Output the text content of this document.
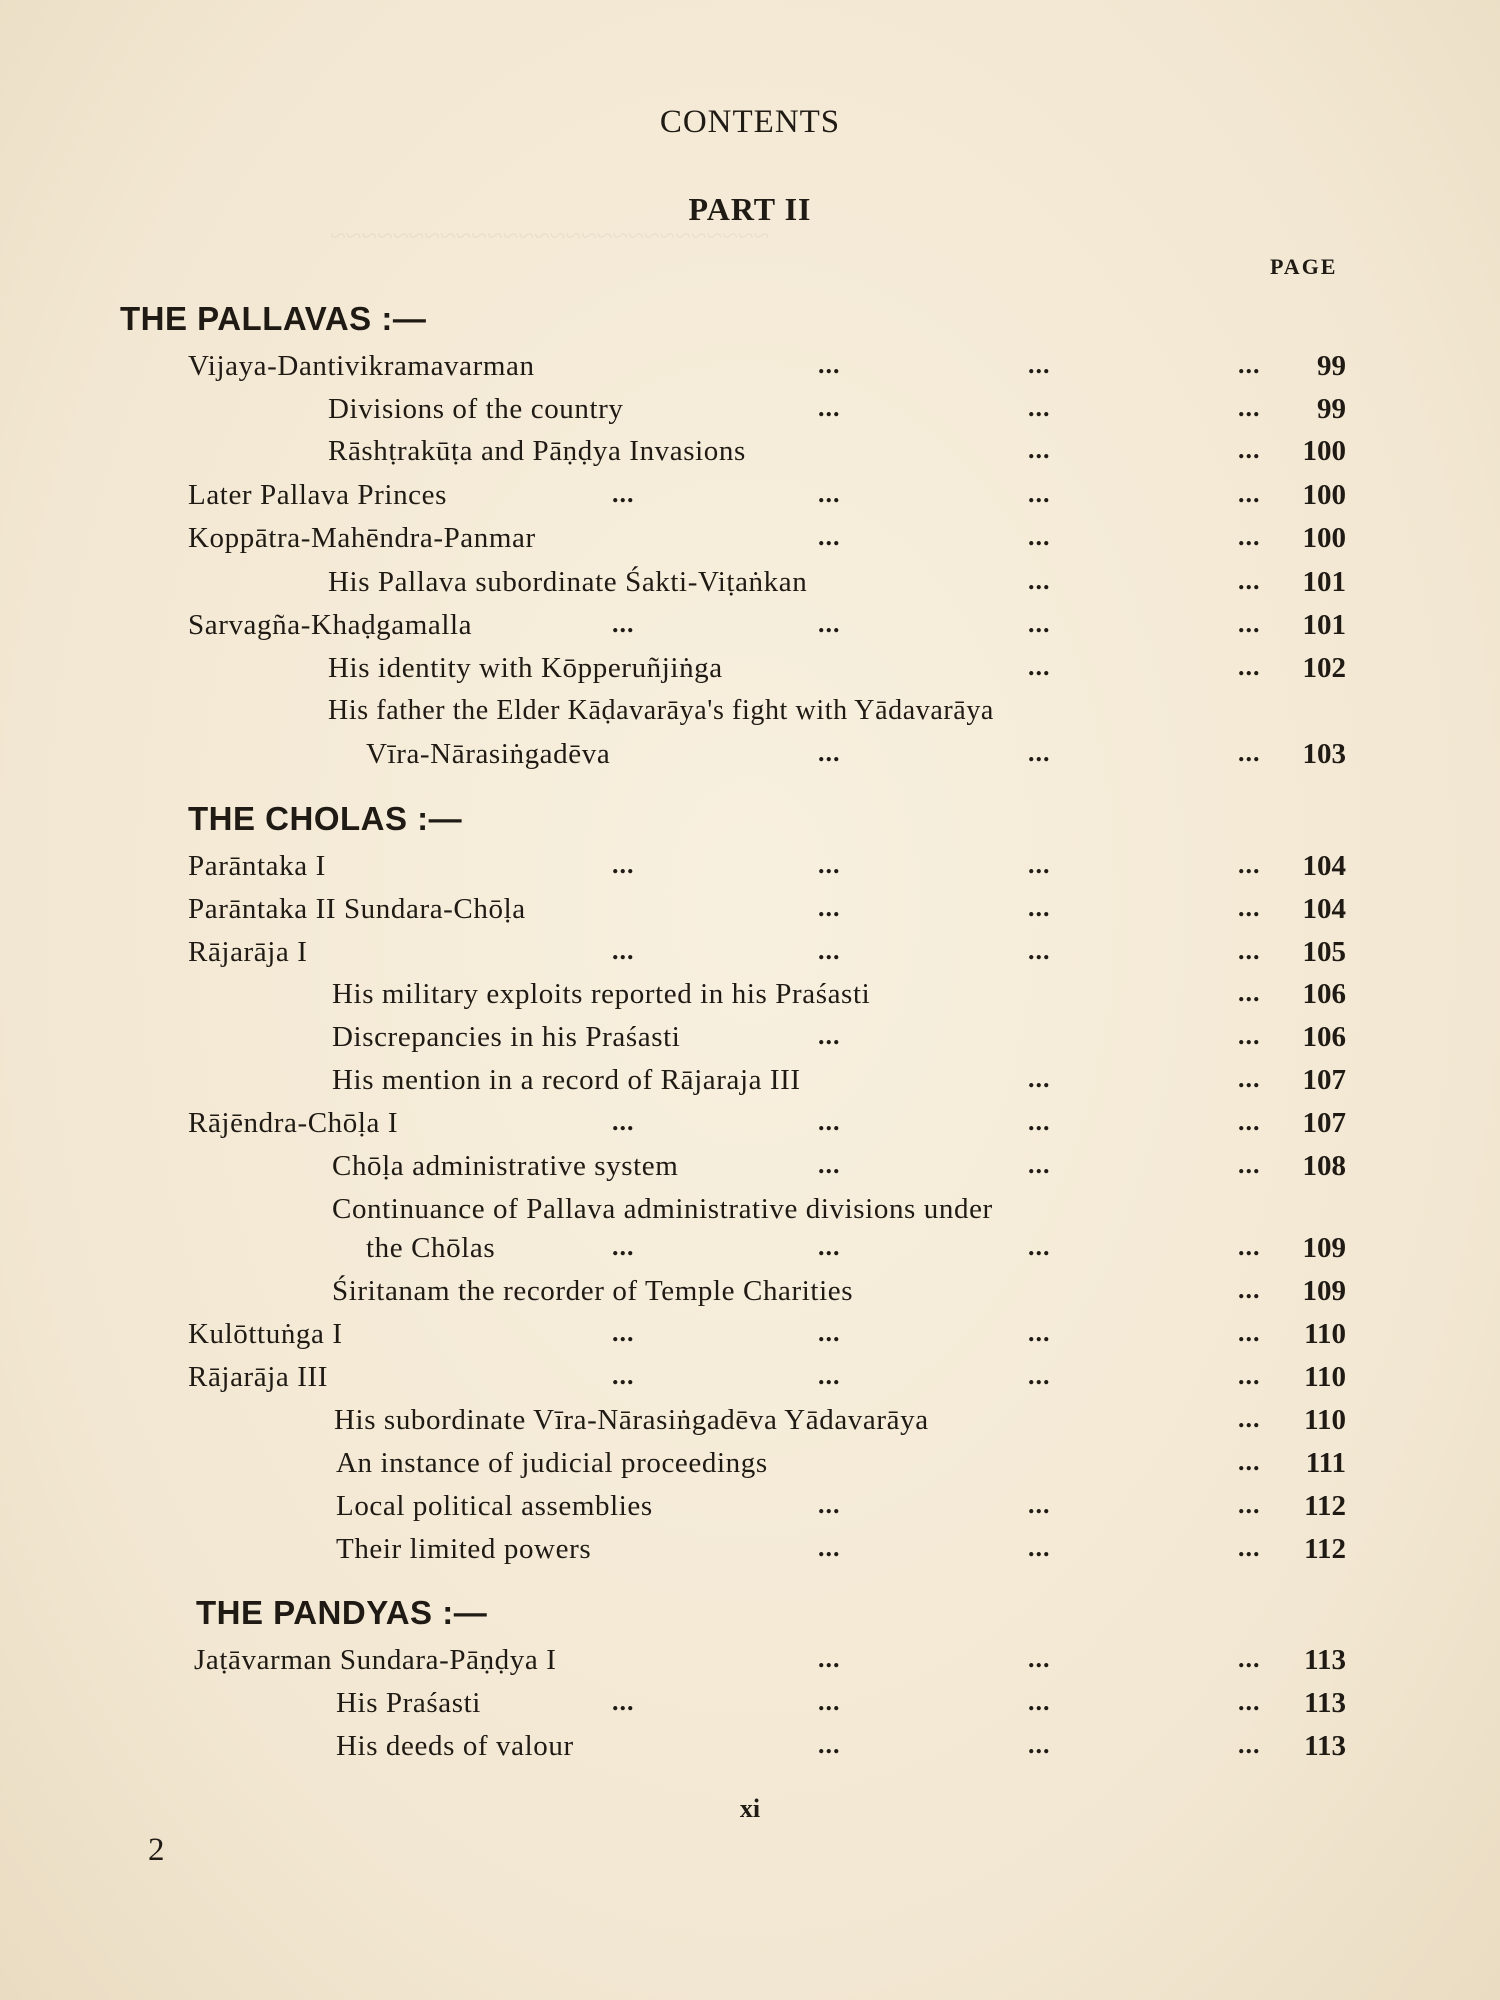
~~~~~~~~~~~~~~~~~~~~~~~~~~~~
CONTENTS
PART II
PAGE
THE PALLAVAS :—
Vijaya-Dantivikramavarman	...	...	...	99
Divisions of the country	...	...	...	99
Rāshṭrakūṭa and Pāṇḍya Invasions	...	... 100
Later Pallava Princes	...	...	...	... 100
Koppātra-Mahēndra-Panmar	...	...	... 100
His Pallava subordinate Śakti-Viṭaṅkan	...	... 101
Sarvagña-Khaḍgamalla	...	...	...	... 101
His identity with Kōpperuñjiṅga	...	... 102
His father the Elder Kāḍavarāya's fight with Yādavarāya
Vīra-Nārasiṅgadēva	...	...	... 103
THE CHOLAS :—
Parāntaka I	...	...	...	... 104
Parāntaka II Sundara-Chōḷa	...	...	... 104
Rājarāja I	...	...	...	... 105
His military exploits reported in his Praśasti	... 106
Discrepancies in his Praśasti	...	... 106
His mention in a record of Rājaraja III	...	... 107
Rājēndra-Chōḷa I	...	...	...	... 107
Chōḷa administrative system	...	...	... 108
Continuance of Pallava administrative divisions under
the Chōlas	...	...	...	... 109
Śiritanam the recorder of Temple Charities	... 109
Kulōttuṅga I	...	...	...	... 110
Rājarāja III	...	...	...	... 110
His subordinate Vīra-Nārasiṅgadēva Yādavarāya	... 110
An instance of judicial proceedings	... 111
Local political assemblies	...	...	... 112
Their limited powers	...	...	... 112
THE PANDYAS :—
Jaṭāvarman Sundara-Pāṇḍya I	...	...	... 113
His Praśasti	...	...	...	... 113
His deeds of valour	...	...	... 113
xi
2
